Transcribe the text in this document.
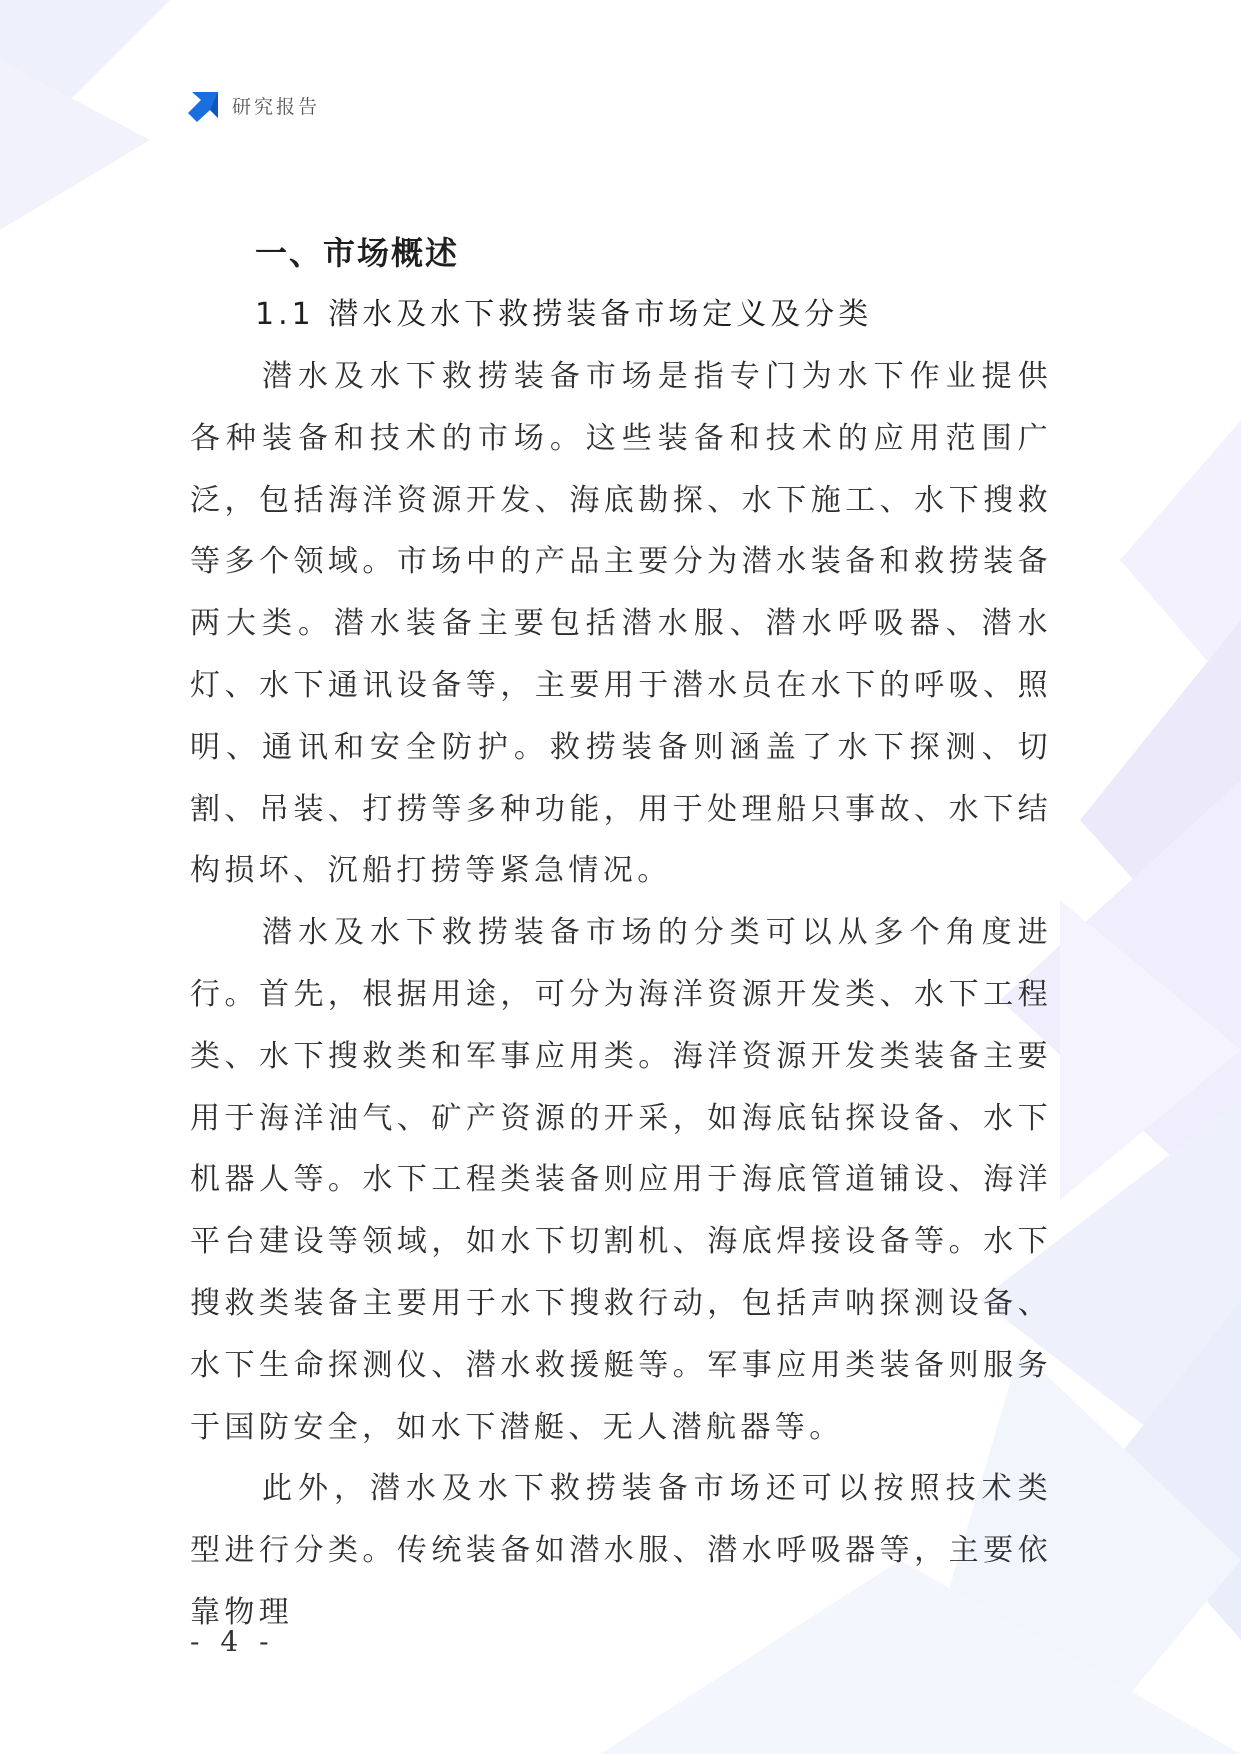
研究报告
一、市场概述
1.1 潜水及水下救捞装备市场定义及分类

潜水及水下救捞装备市场是指专门为水下作业提供各种装备和技术的市场。这些装备和技术的应用范围广泛，包括海洋资源开发、海底勘探、水下施工、水下搜救等多个领域。市场中的产品主要分为潜水装备和救捞装备两大类。潜水装备主要包括潜水服、潜水呼吸器、潜水灯、水下通讯设备等，主要用于潜水员在水下的呼吸、照明、通讯和安全防护。救捞装备则涵盖了水下探测、切割、吊装、打捞等多种功能，用于处理船只事故、水下结构损坏、沉船打捞等紧急情况。

潜水及水下救捞装备市场的分类可以从多个角度进行。首先，根据用途，可分为海洋资源开发类、水下工程类、水下搜救类和军事应用类。海洋资源开发类装备主要用于海洋油气、矿产资源的开采，如海底钻探设备、水下机器人等。水下工程类装备则应用于海底管道铺设、海洋平台建设等领域，如水下切割机、海底焊接设备等。水下搜救类装备主要用于水下搜救行动，包括声呐探测设备、水下生命探测仪、潜水救援艇等。军事应用类装备则服务于国防安全，如水下潜艇、无人潜航器等。

此外，潜水及水下救捞装备市场还可以按照技术类型进行分类。传统装备如潜水服、潜水呼吸器等，主要依靠物理

- 4 -
